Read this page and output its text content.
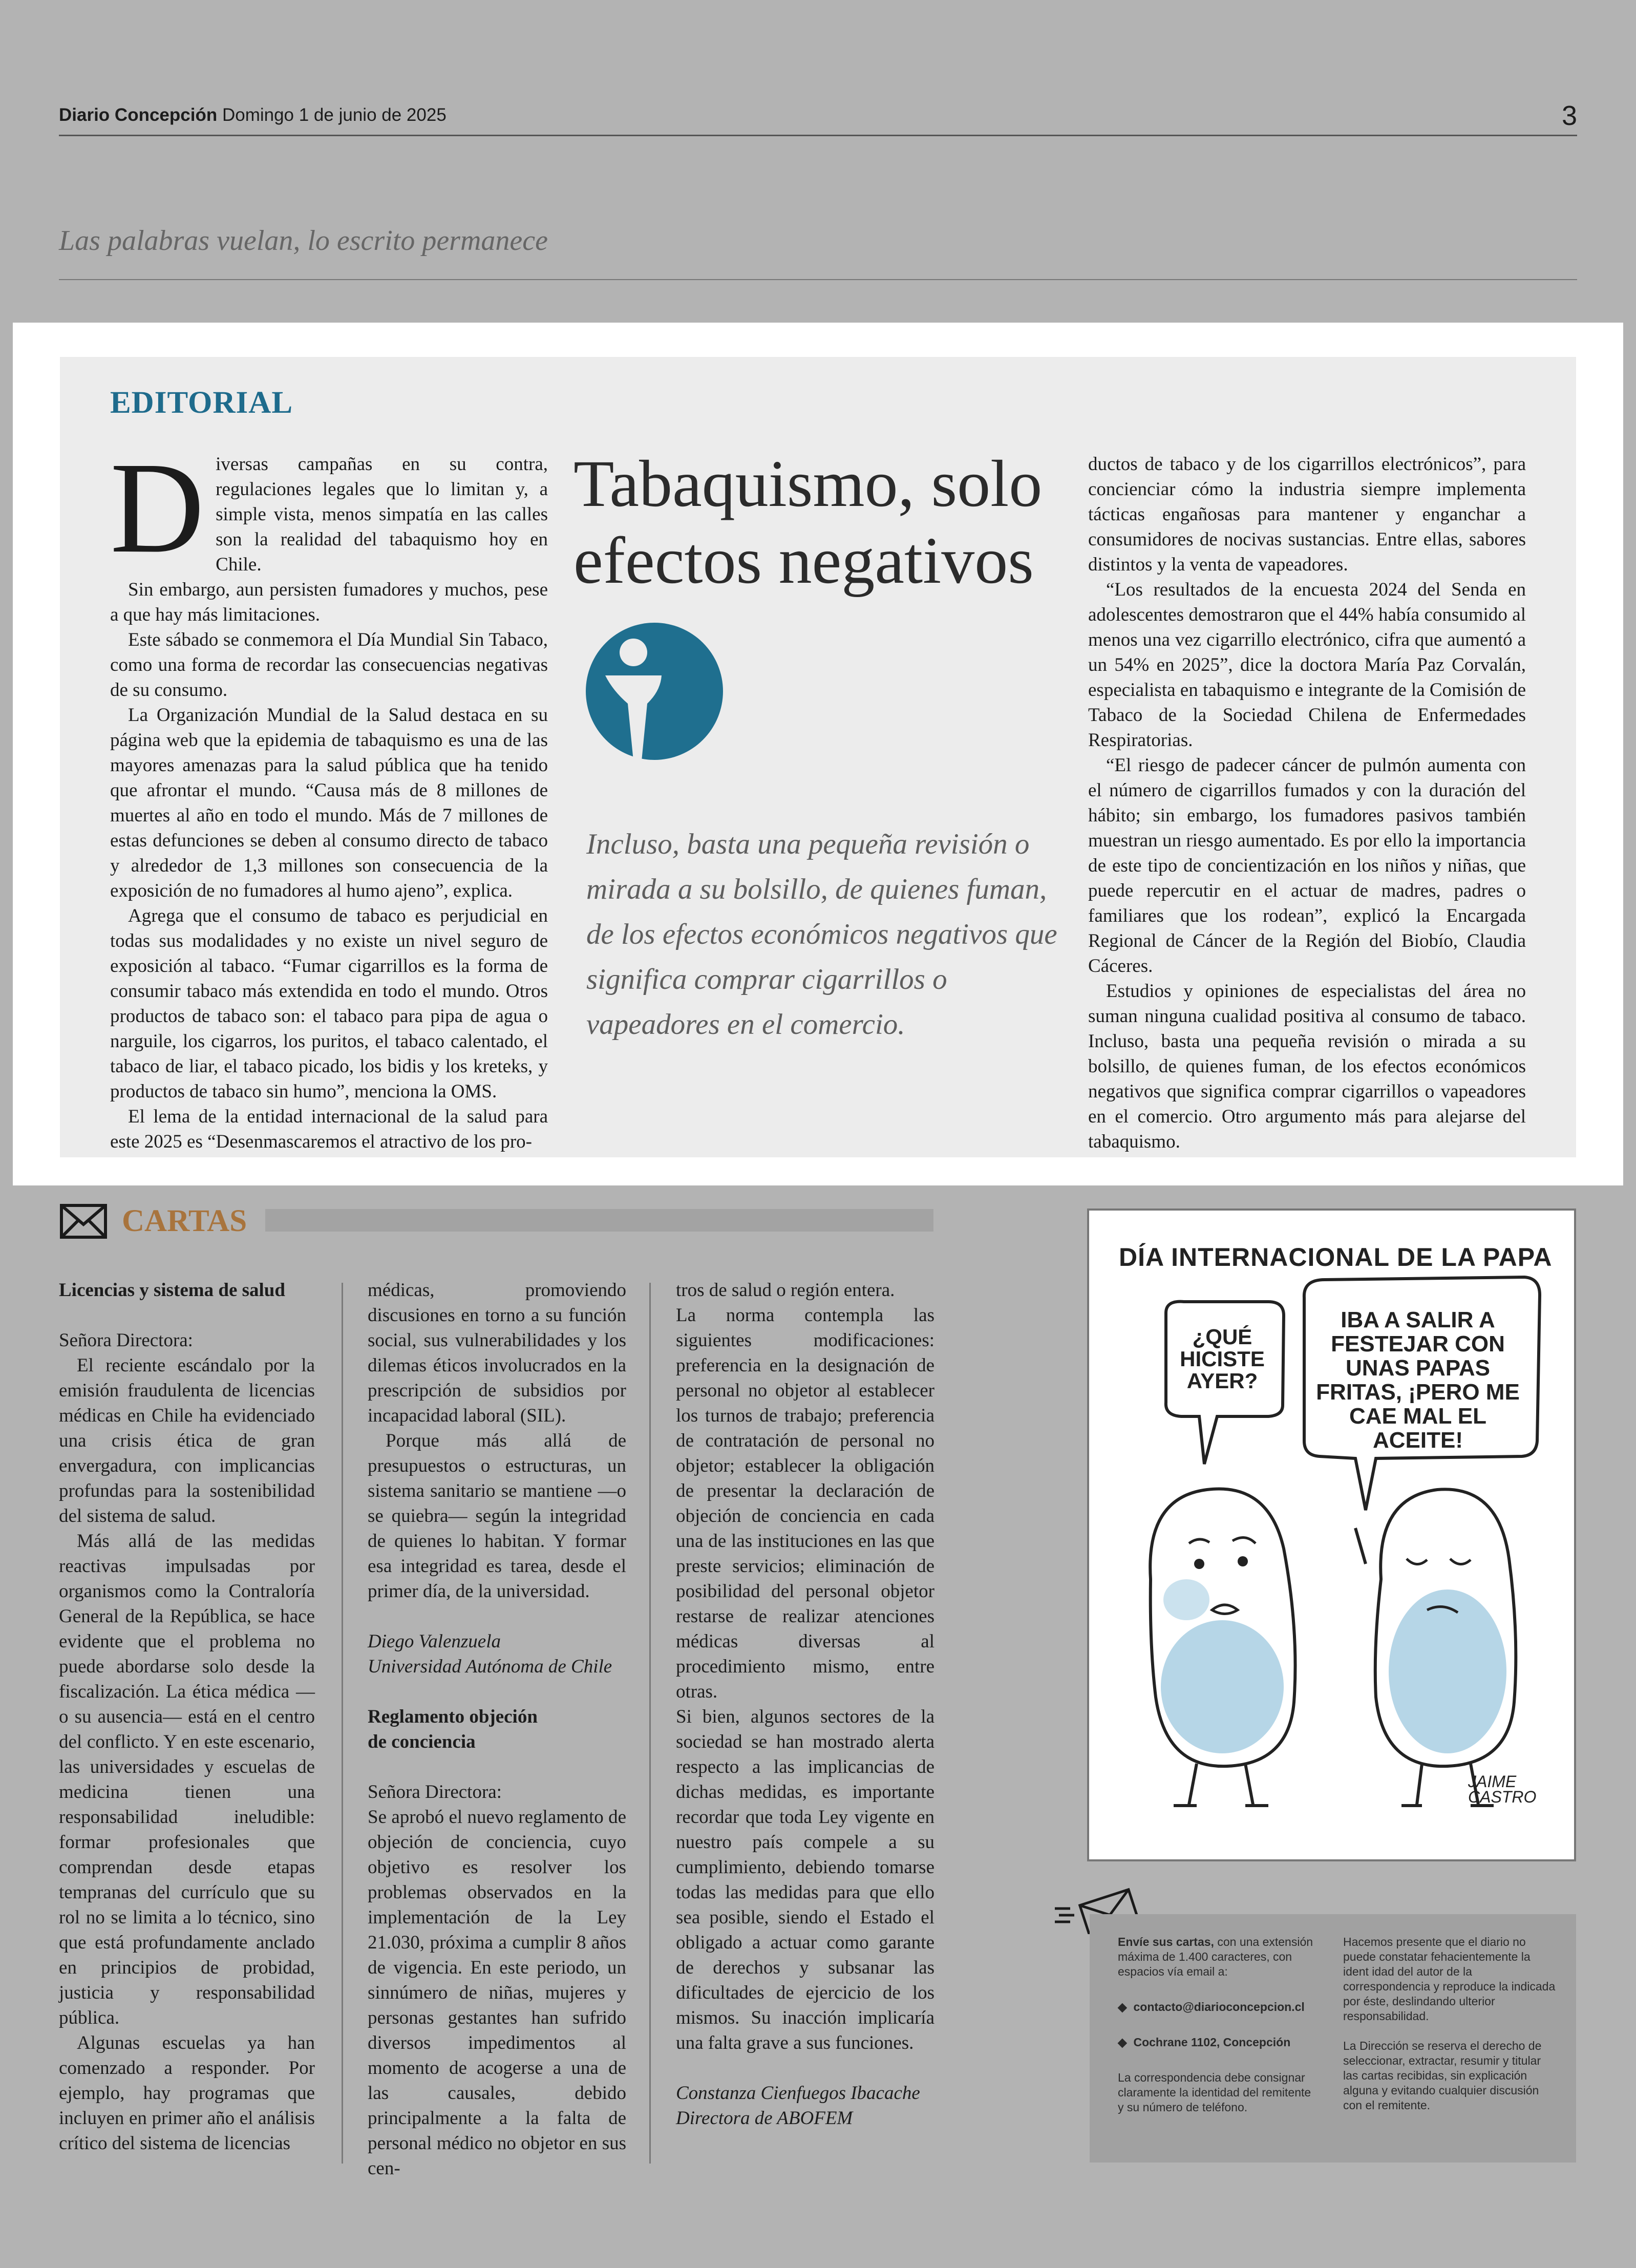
Diario Concepción Domingo 1 de junio de 2025	3
Las palabras vuelan, lo escrito permanece
EDITORIAL

Diversas campañas en su contra, regulaciones legales que lo limitan y, a simple vista, menos simpatía en las calles son la realidad del tabaquismo hoy en Chile.

Sin embargo, aun persisten fumadores y muchos, pese a que hay más limitaciones.

Este sábado se conmemora el Día Mundial Sin Tabaco, como una forma de recordar las consecuencias negativas de su consumo.

La Organización Mundial de la Salud destaca en su página web que la epidemia de tabaquismo es una de las mayores amenazas para la salud pública que ha tenido que afrontar el mundo. “Causa más de 8 millones de muertes al año en todo el mundo. Más de 7 millones de estas defunciones se deben al consumo directo de tabaco y alrededor de 1,3 millones son consecuencia de la exposición de no fumadores al humo ajeno”, explica.

Agrega que el consumo de tabaco es perjudicial en todas sus modalidades y no existe un nivel seguro de exposición al tabaco. “Fumar cigarrillos es la forma de consumir tabaco más extendida en todo el mundo. Otros productos de tabaco son: el tabaco para pipa de agua o narguile, los cigarros, los puritos, el tabaco calentado, el tabaco de liar, el tabaco picado, los bidis y los kreteks, y productos de tabaco sin humo”, menciona la OMS.

El lema de la entidad internacional de la salud para este 2025 es “Desenmascaremos el atractivo de los pro-

Tabaquismo, solo
efectos negativos
Incluso, basta una pequeña revisión o mirada a su bolsillo, de quienes fuman, de los efectos económicos negativos que significa comprar cigarrillos o vapeadores en el comercio.

ductos de tabaco y de los cigarrillos electrónicos”, para concienciar cómo la industria siempre implementa tácticas engañosas para mantener y enganchar a consumidores de nocivas sustancias. Entre ellas, sabores distintos y la venta de vapeadores.

“Los resultados de la encuesta 2024 del Senda en adolescentes demostraron que el 44% había consumido al menos una vez cigarrillo electrónico, cifra que aumentó a un 54% en 2025”, dice la doctora María Paz Corvalán, especialista en tabaquismo e integrante de la Comisión de Tabaco de la Sociedad Chilena de Enfermedades Respiratorias.

“El riesgo de padecer cáncer de pulmón aumenta con el número de cigarrillos fumados y con la duración del hábito; sin embargo, los fumadores pasivos también muestran un riesgo aumentado. Es por ello la importancia de este tipo de concientización en los niños y niñas, que puede repercutir en el actuar de madres, padres o familiares que los rodean”, explicó la Encargada Regional de Cáncer de la Región del Biobío, Claudia Cáceres.

Estudios y opiniones de especialistas del área no suman ninguna cualidad positiva al consumo de tabaco. Incluso, basta una pequeña revisión o mirada a su bolsillo, de quienes fuman, de los efectos económicos negativos que significa comprar cigarrillos o vapeadores en el comercio. Otro argumento más para alejarse del tabaquismo.

CARTAS

Licencias y sistema de salud

Señora Directora:

El reciente escándalo por la emisión fraudulenta de licencias médicas en Chile ha evidenciado una crisis ética de gran envergadura, con implicancias profundas para la sostenibilidad del sistema de salud.

Más allá de las medidas reactivas impulsadas por organismos como la Contraloría General de la República, se hace evidente que el problema no puede abordarse solo desde la fiscalización. La ética médica —o su ausencia— está en el centro del conflicto. Y en este escenario, las universidades y escuelas de medicina tienen una responsabilidad ineludible: formar profesionales que comprendan desde etapas tempranas del currículo que su rol no se limita a lo técnico, sino que está profundamente anclado en principios de probidad, justicia y responsabilidad pública.

Algunas escuelas ya han comenzado a responder. Por ejemplo, hay programas que incluyen en primer año el análisis crítico del sistema de licencias

médicas, promoviendo discusiones en torno a su función social, sus vulnerabilidades y los dilemas éticos involucrados en la prescripción de subsidios por incapacidad laboral (SIL).

Porque más allá de presupuestos o estructuras, un sistema sanitario se mantiene —o se quiebra— según la integridad de quienes lo habitan. Y formar esa integridad es tarea, desde el primer día, de la universidad.

Diego Valenzuela

Universidad Autónoma de Chile

Reglamento objeción

de conciencia

Señora Directora:

Se aprobó el nuevo reglamento de objeción de conciencia, cuyo objetivo es resolver los problemas observados en la implementación de la Ley 21.030, próxima a cumplir 8 años de vigencia. En este periodo, un sinnúmero de niñas, mujeres y personas gestantes han sufrido diversos impedimentos al momento de acogerse a una de las causales, debido principalmente a la falta de personal médico no objetor en sus cen-

tros de salud o región entera.

La norma contempla las siguientes modificaciones: preferencia en la designación de personal no objetor al establecer los turnos de trabajo; preferencia de contratación de personal no objetor; establecer la obligación de presentar la declaración de objeción de conciencia en cada una de las instituciones en las que preste servicios; eliminación de posibilidad del personal objetor restarse de realizar atenciones médicas diversas al procedimiento mismo, entre otras.

Si bien, algunos sectores de la sociedad se han mostrado alerta respecto a las implicancias de dichas medidas, es importante recordar que toda Ley vigente en nuestro país compele a su cumplimiento, debiendo tomarse todas las medidas para que ello sea posible, siendo el Estado el obligado a actuar como garante de derechos y subsanar las dificultades de ejercicio de los mismos. Su inacción implicaría una falta grave a sus funciones.

Constanza Cienfuegos Ibacache

Directora de ABOFEM

DÍA INTERNACIONAL DE LA PAPA
¿QUÉ HICISTE AYER?
IBA A SALIR A FESTEJAR CON UNAS PAPAS FRITAS, ¡PERO ME CAE MAL EL ACEITE!
JAIME CASTRO

Envíe sus cartas, con una extensión máxima de 1.400 caracteres, con espacios vía email a:

◆ contacto@diarioconcepcion.cl
◆ Cochrane 1102, Concepción

La correspondencia debe consignar claramente la identidad del remitente y su número de teléfono.

Hacemos presente que el diario no puede constatar fehacientemente la ident idad del autor de la correspondencia y reproduce la indicada por éste, deslindando ulterior responsabilidad.

La Dirección se reserva el derecho de seleccionar, extractar, resumir y titular las cartas recibidas, sin explicación alguna y evitando cualquier discusión con el remitente.
